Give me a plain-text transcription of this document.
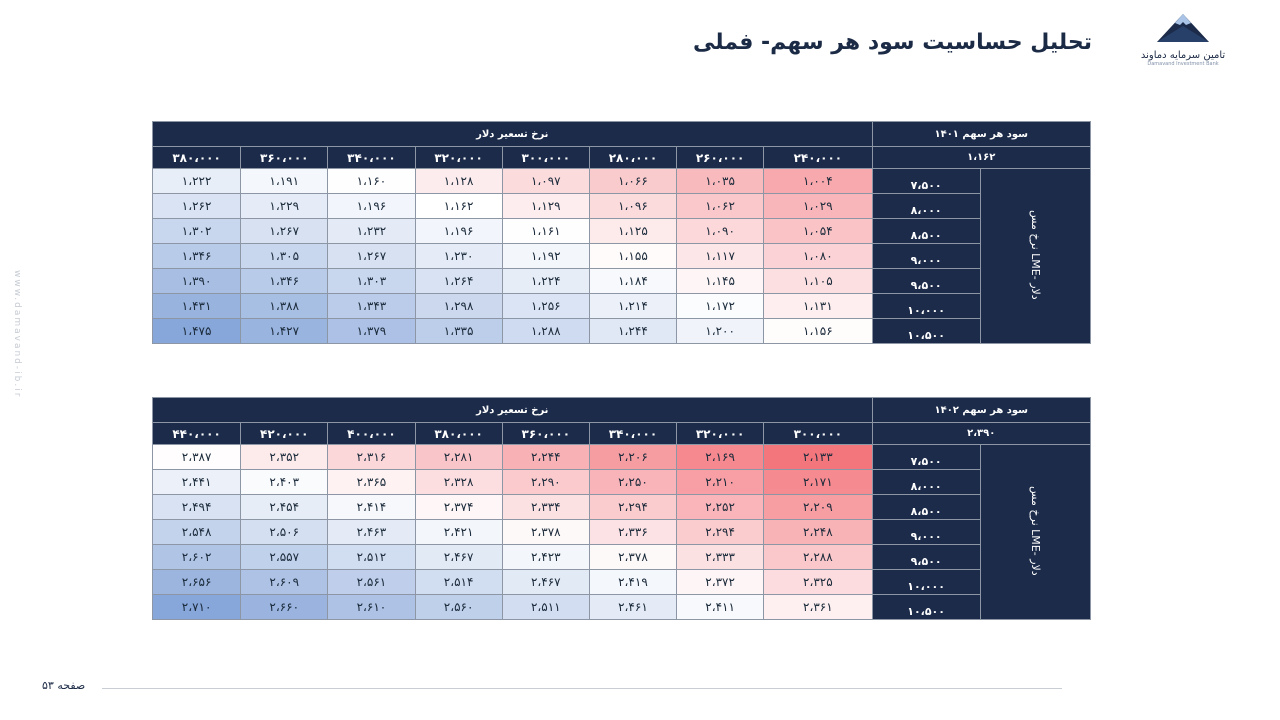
تحلیل حساسیت سود هر سهم- فملی
تامین سرمایه دماوند
Damavand Investment Bank
www.damavand-ib.ir
نرخ تسعیر دلار								سود هر سهم ۱۴۰۱	
۳۸۰،۰۰۰	۳۶۰،۰۰۰	۳۴۰،۰۰۰	۳۲۰،۰۰۰	۳۰۰،۰۰۰	۲۸۰،۰۰۰	۲۶۰،۰۰۰	۲۴۰،۰۰۰	۱،۱۶۲	
۱،۲۲۲	۱،۱۹۱	۱،۱۶۰	۱،۱۲۸	۱،۰۹۷	۱،۰۶۶	۱،۰۳۵	۱،۰۰۴	۷،۵۰۰	نرخ مس LME- دلار
۱،۲۶۲	۱،۲۲۹	۱،۱۹۶	۱،۱۶۲	۱،۱۲۹	۱،۰۹۶	۱،۰۶۲	۱،۰۲۹	۸،۰۰۰	
۱،۳۰۲	۱،۲۶۷	۱،۲۳۲	۱،۱۹۶	۱،۱۶۱	۱،۱۲۵	۱،۰۹۰	۱،۰۵۴	۸،۵۰۰	
۱،۳۴۶	۱،۳۰۵	۱،۲۶۷	۱،۲۳۰	۱،۱۹۲	۱،۱۵۵	۱،۱۱۷	۱،۰۸۰	۹،۰۰۰	
۱،۳۹۰	۱،۳۴۶	۱،۳۰۳	۱،۲۶۴	۱،۲۲۴	۱،۱۸۴	۱،۱۴۵	۱،۱۰۵	۹،۵۰۰	
۱،۴۳۱	۱،۳۸۸	۱،۳۴۳	۱،۲۹۸	۱،۲۵۶	۱،۲۱۴	۱،۱۷۲	۱،۱۳۱	۱۰،۰۰۰	
۱،۴۷۵	۱،۴۲۷	۱،۳۷۹	۱،۳۳۵	۱،۲۸۸	۱،۲۴۴	۱،۲۰۰	۱،۱۵۶	۱۰،۵۰۰	
نرخ تسعیر دلار								سود هر سهم ۱۴۰۲	
۴۴۰،۰۰۰	۴۲۰،۰۰۰	۴۰۰،۰۰۰	۳۸۰،۰۰۰	۳۶۰،۰۰۰	۳۴۰،۰۰۰	۳۲۰،۰۰۰	۳۰۰،۰۰۰	۲،۳۹۰	
۲،۳۸۷	۲،۳۵۲	۲،۳۱۶	۲،۲۸۱	۲،۲۴۴	۲،۲۰۶	۲،۱۶۹	۲،۱۳۳	۷،۵۰۰	نرخ مس LME- دلار
۲،۴۴۱	۲،۴۰۳	۲،۳۶۵	۲،۳۲۸	۲،۲۹۰	۲،۲۵۰	۲،۲۱۰	۲،۱۷۱	۸،۰۰۰	
۲،۴۹۴	۲،۴۵۴	۲،۴۱۴	۲،۳۷۴	۲،۳۳۴	۲،۲۹۴	۲،۲۵۲	۲،۲۰۹	۸،۵۰۰	
۲،۵۴۸	۲،۵۰۶	۲،۴۶۳	۲،۴۲۱	۲،۳۷۸	۲،۳۳۶	۲،۲۹۴	۲،۲۴۸	۹،۰۰۰	
۲،۶۰۲	۲،۵۵۷	۲،۵۱۲	۲،۴۶۷	۲،۴۲۳	۲،۳۷۸	۲،۳۳۳	۲،۲۸۸	۹،۵۰۰	
۲،۶۵۶	۲،۶۰۹	۲،۵۶۱	۲،۵۱۴	۲،۴۶۷	۲،۴۱۹	۲،۳۷۲	۲،۳۲۵	۱۰،۰۰۰	
۲،۷۱۰	۲،۶۶۰	۲،۶۱۰	۲،۵۶۰	۲،۵۱۱	۲،۴۶۱	۲،۴۱۱	۲،۳۶۱	۱۰،۵۰۰	
صفحه ۵۳
